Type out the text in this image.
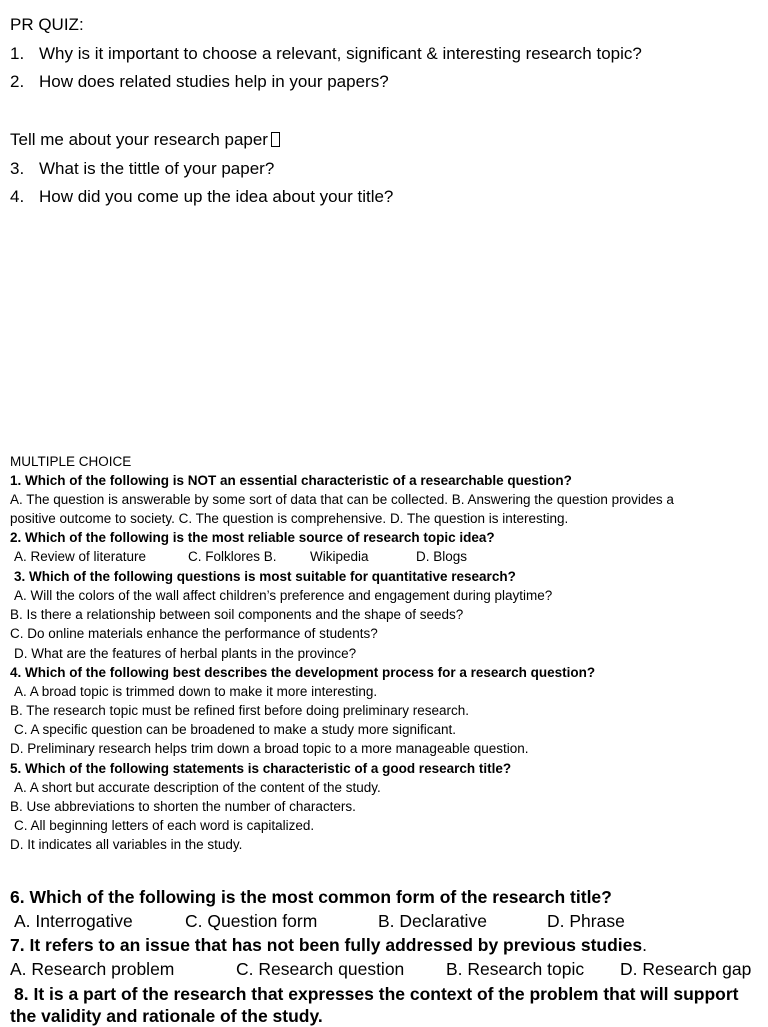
PR QUIZ:
1. Why is it important to choose a relevant, significant & interesting research topic?
2. How does related studies help in your papers?
Tell me about your research paper
3. What is the tittle of your paper?
4. How did you come up the idea about your title?
MULTIPLE CHOICE
1. Which of the following is NOT an essential characteristic of a researchable question?
A. The question is answerable by some sort of data that can be collected. B. Answering the question provides a
positive outcome to society. C. The question is comprehensive. D. The question is interesting.
2. Which of the following is the most reliable source of research topic idea?
A. Review of literature	C. Folklores B. Wikipedia	D. Blogs
3. Which of the following questions is most suitable for quantitative research?
A. Will the colors of the wall affect children’s preference and engagement during playtime?
B. Is there a relationship between soil components and the shape of seeds?
C. Do online materials enhance the performance of students?
D. What are the features of herbal plants in the province?
4. Which of the following best describes the development process for a research question?
A. A broad topic is trimmed down to make it more interesting.
B. The research topic must be refined first before doing preliminary research.
C. A specific question can be broadened to make a study more significant.
D. Preliminary research helps trim down a broad topic to a more manageable question.
5. Which of the following statements is characteristic of a good research title?
A. A short but accurate description of the content of the study.
B. Use abbreviations to shorten the number of characters.
C. All beginning letters of each word is capitalized.
D. It indicates all variables in the study.
6. Which of the following is the most common form of the research title?
A. Interrogative	C. Question form	B. Declarative	D. Phrase
7. It refers to an issue that has not been fully addressed by previous studies.
A. Research problem	C. Research question B. Research topic D. Research gap
8. It is a part of the research that expresses the context of the problem that will support
the validity and rationale of the study.
